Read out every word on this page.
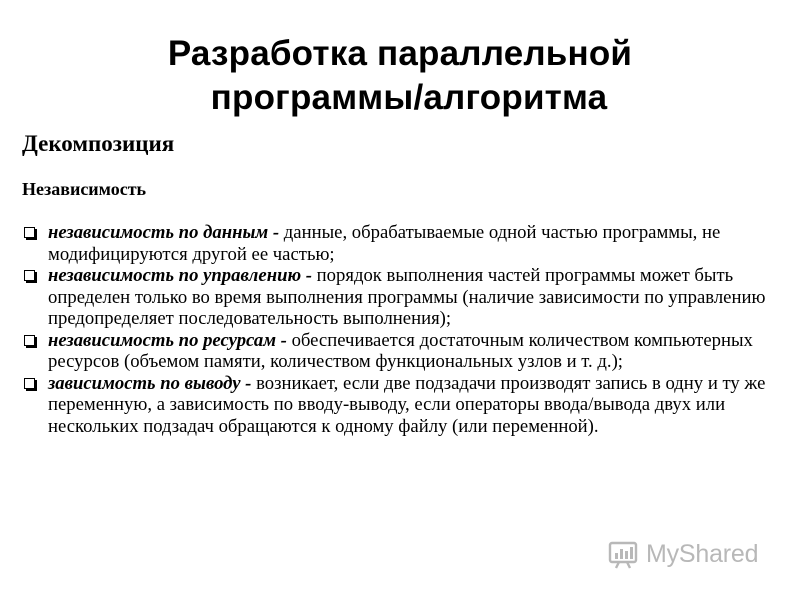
Разработка параллельной
программы/алгоритма
Декомпозиция
Независимость
независимость по данным - данные, обрабатываемые одной частью программы, не модифицируются другой ее частью;
независимость по управлению - порядок выполнения частей программы может быть определен только во время выполнения программы (наличие зависимости по управлению предопределяет последовательность выполнения);
независимость по ресурсам - обеспечивается достаточным количеством компьютерных ресурсов (объемом памяти, количеством функциональных узлов и т. д.);
зависимость по выводу - возникает, если две подзадачи производят запись в одну и ту же переменную, а зависимость по вводу-выводу, если операторы ввода/вывода двух или нескольких подзадач обращаются к одному файлу (или переменной).
MyShared
